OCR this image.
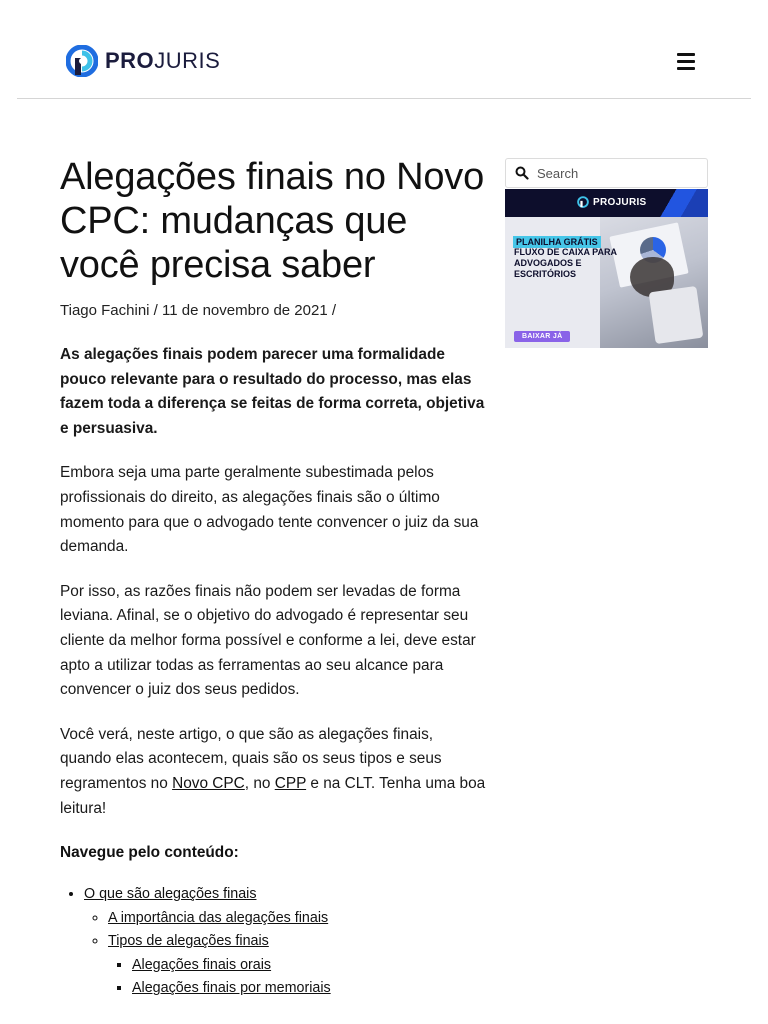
PROJURIS
Alegações finais no Novo CPC: mudanças que você precisa saber
Tiago Fachini / 11 de novembro de 2021 /

As alegações finais podem parecer uma formalidade pouco relevante para o resultado do processo, mas elas fazem toda a diferença se feitas de forma correta, objetiva e persuasiva.

Embora seja uma parte geralmente subestimada pelos profissionais do direito, as alegações finais são o último momento para que o advogado tente convencer o juiz da sua demanda.

Por isso, as razões finais não podem ser levadas de forma leviana. Afinal, se o objetivo do advogado é representar seu cliente da melhor forma possível e conforme a lei, deve estar apto a utilizar todas as ferramentas ao seu alcance para convencer o juiz dos seus pedidos.

Você verá, neste artigo, o que são as alegações finais, quando elas acontecem, quais são os seus tipos e seus regramentos no Novo CPC, no CPP e na CLT. Tenha uma boa leitura!

Navegue pelo conteúdo:
• O que são alegações finais
◦ A importância das alegações finais
◦ Tipos de alegações finais
▪ Alegações finais orais
▪ Alegações finais por memoriais
Search
PROJURIS
PLANILHA GRÁTIS
FLUXO DE CAIXA PARA ADVOGADOS E ESCRITÓRIOS
BAIXAR JÁ
